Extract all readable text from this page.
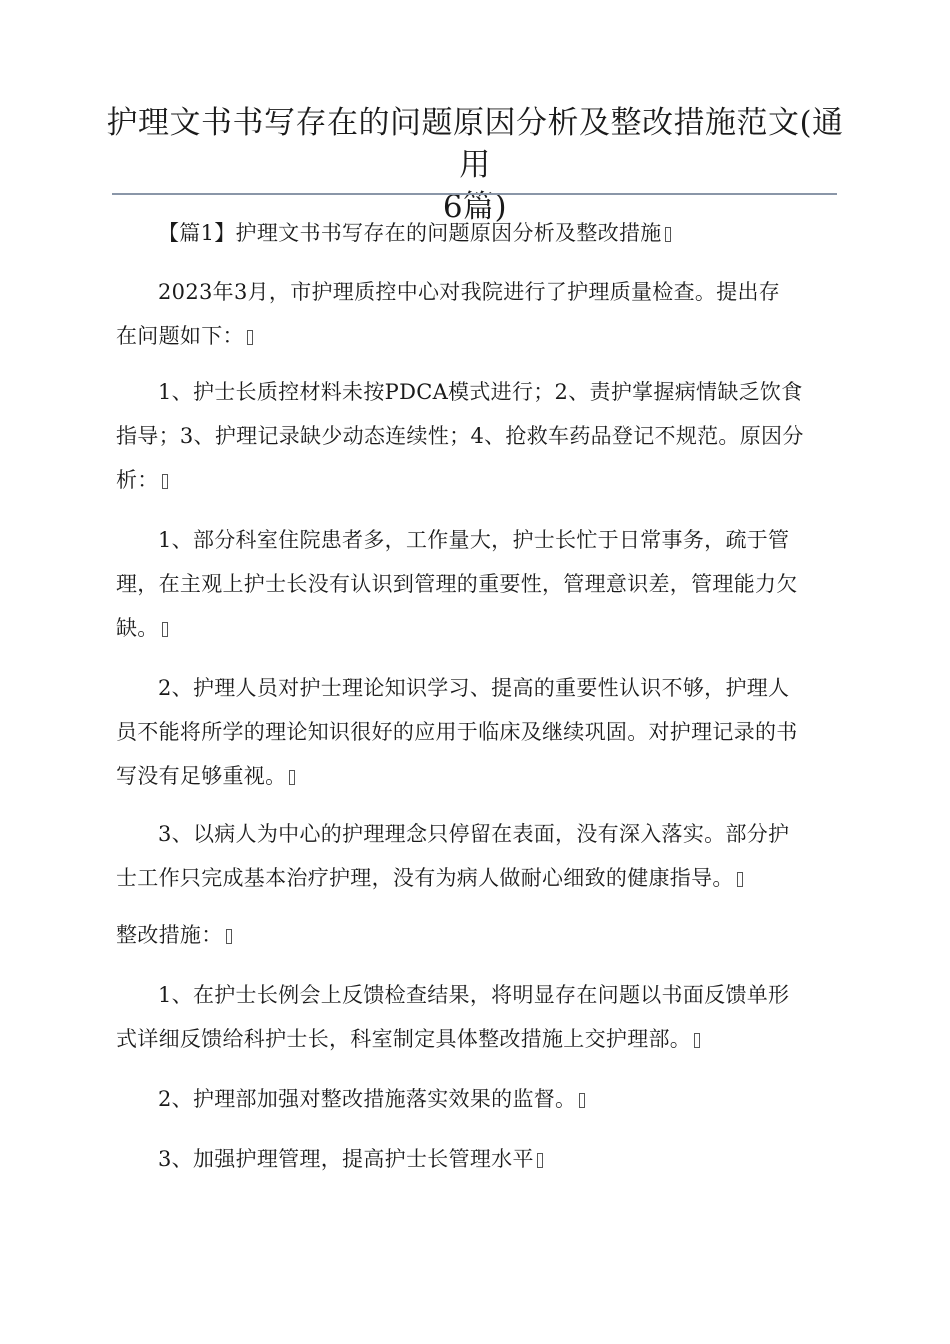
护理文书书写存在的问题原因分析及整改措施范文(通用
6篇)
【篇1】护理文书书写存在的问题原因分析及整改措施
2023年3月，市护理质控中心对我院进行了护理质量检查。提出存
在问题如下：
1、护士长质控材料未按PDCA模式进行；2、责护掌握病情缺乏饮食
指导；3、护理记录缺少动态连续性；4、抢救车药品登记不规范。原因分
析：
1、部分科室住院患者多，工作量大，护士长忙于日常事务，疏于管
理，在主观上护士长没有认识到管理的重要性，管理意识差，管理能力欠
缺。
2、护理人员对护士理论知识学习、提高的重要性认识不够，护理人
员不能将所学的理论知识很好的应用于临床及继续巩固。对护理记录的书
写没有足够重视。
3、以病人为中心的护理理念只停留在表面，没有深入落实。部分护
士工作只完成基本治疗护理，没有为病人做耐心细致的健康指导。
整改措施：
1、在护士长例会上反馈检查结果，将明显存在问题以书面反馈单形
式详细反馈给科护士长，科室制定具体整改措施上交护理部。
2、护理部加强对整改措施落实效果的监督。
3、加强护理管理，提高护士长管理水平
